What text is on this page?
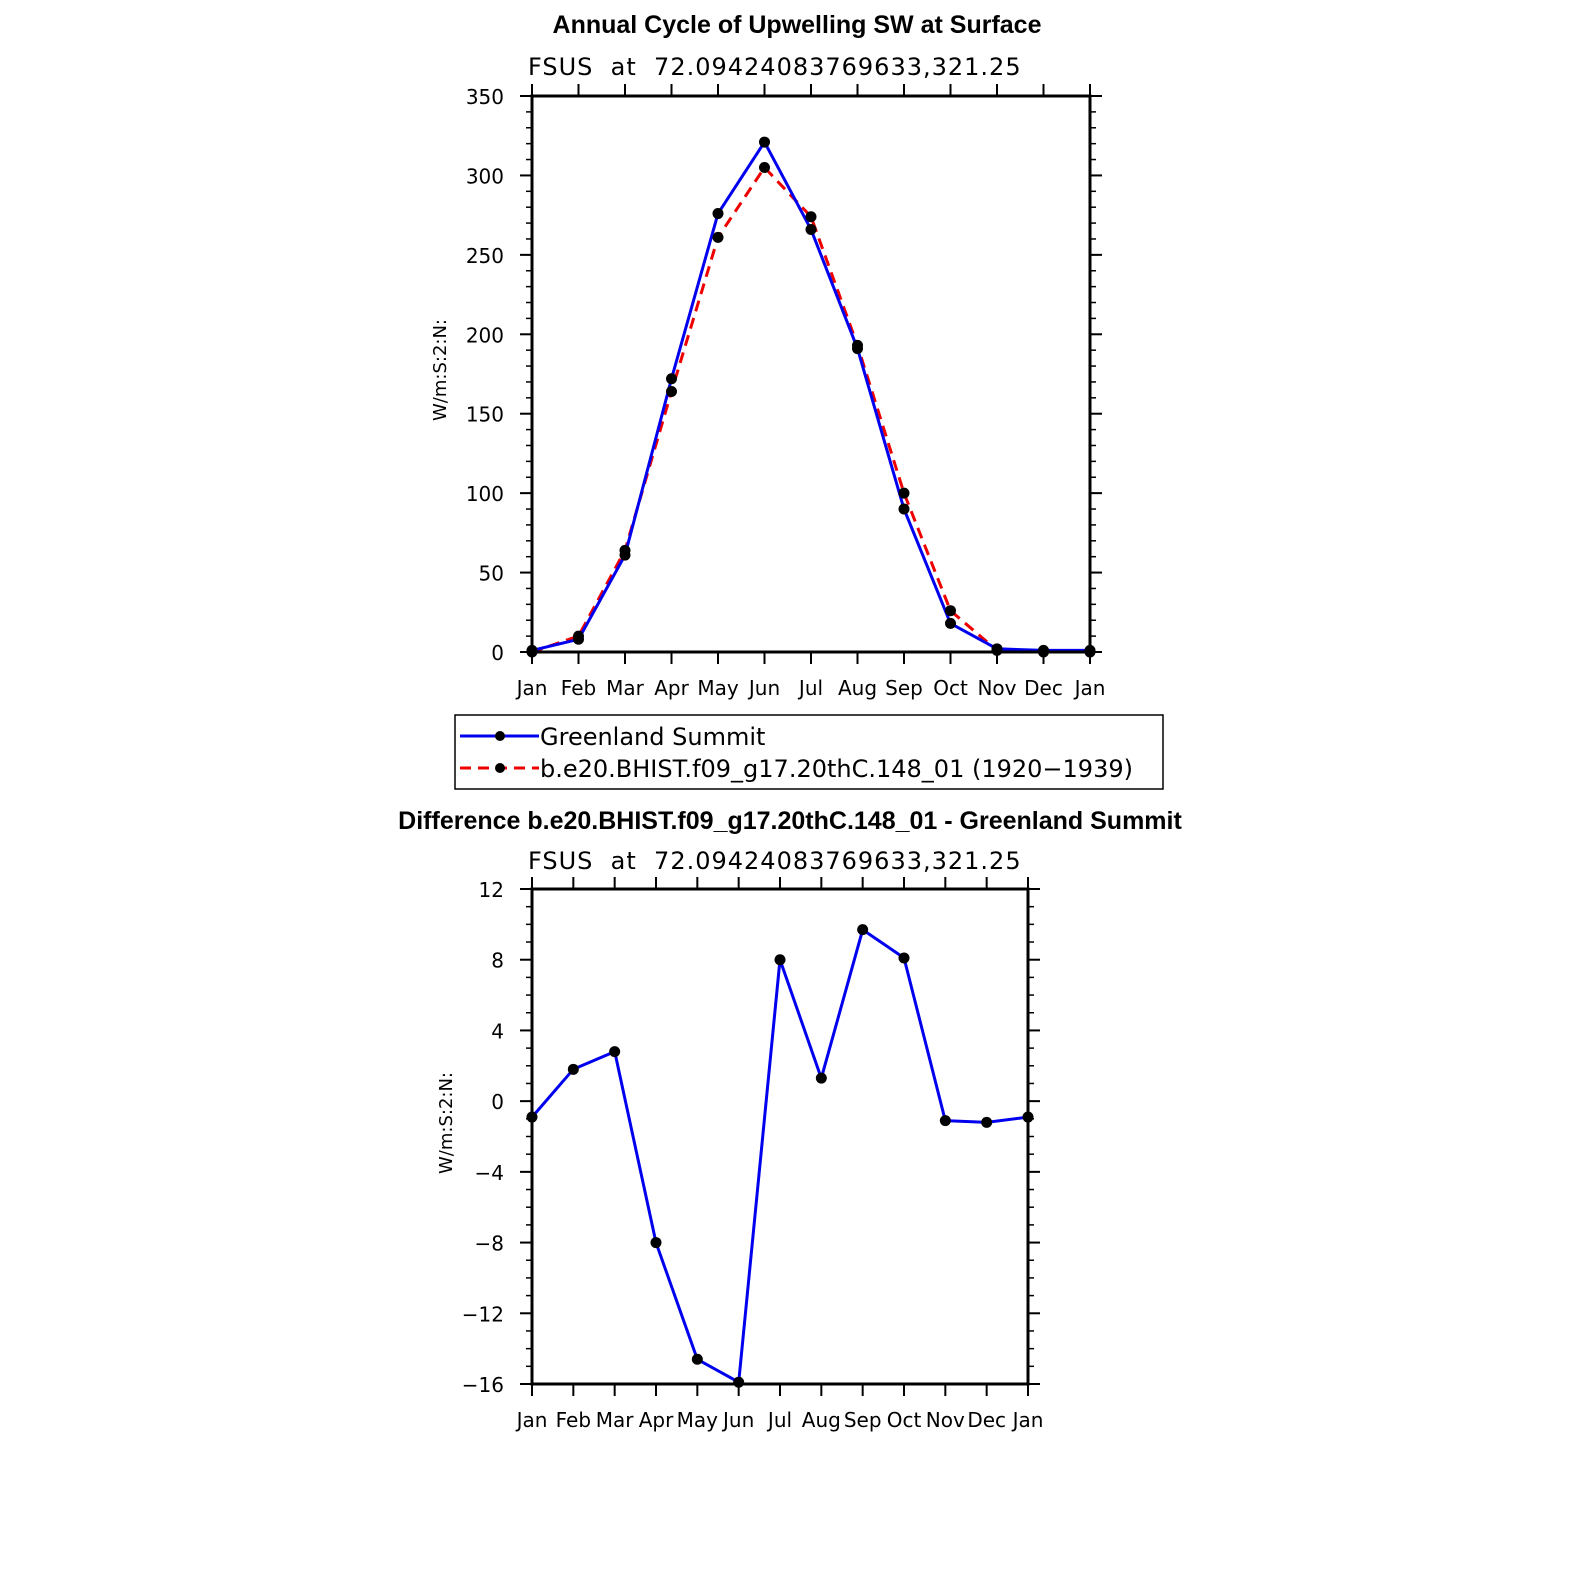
Annual Cycle of Upwelling SW at Surface
FSUS  at  72.09424083769633,321.25
W/m:S:2:N:
Jan Feb Mar Apr May Jun Jul Aug Sep Oct Nov Dec Jan
0
50
100
150
200
250
300
350
Greenland Summit
b.e20.BHIST.f09_g17.20thC.148_01 (1920−1939)
Difference b.e20.BHIST.f09_g17.20thC.148_01 - Greenland Summit
FSUS  at  72.09424083769633,321.25
W/m:S:2:N:
Jan Feb Mar Apr May Jun Jul Aug Sep Oct Nov Dec Jan
−16
−12
−8
−4
0
4
8
12
